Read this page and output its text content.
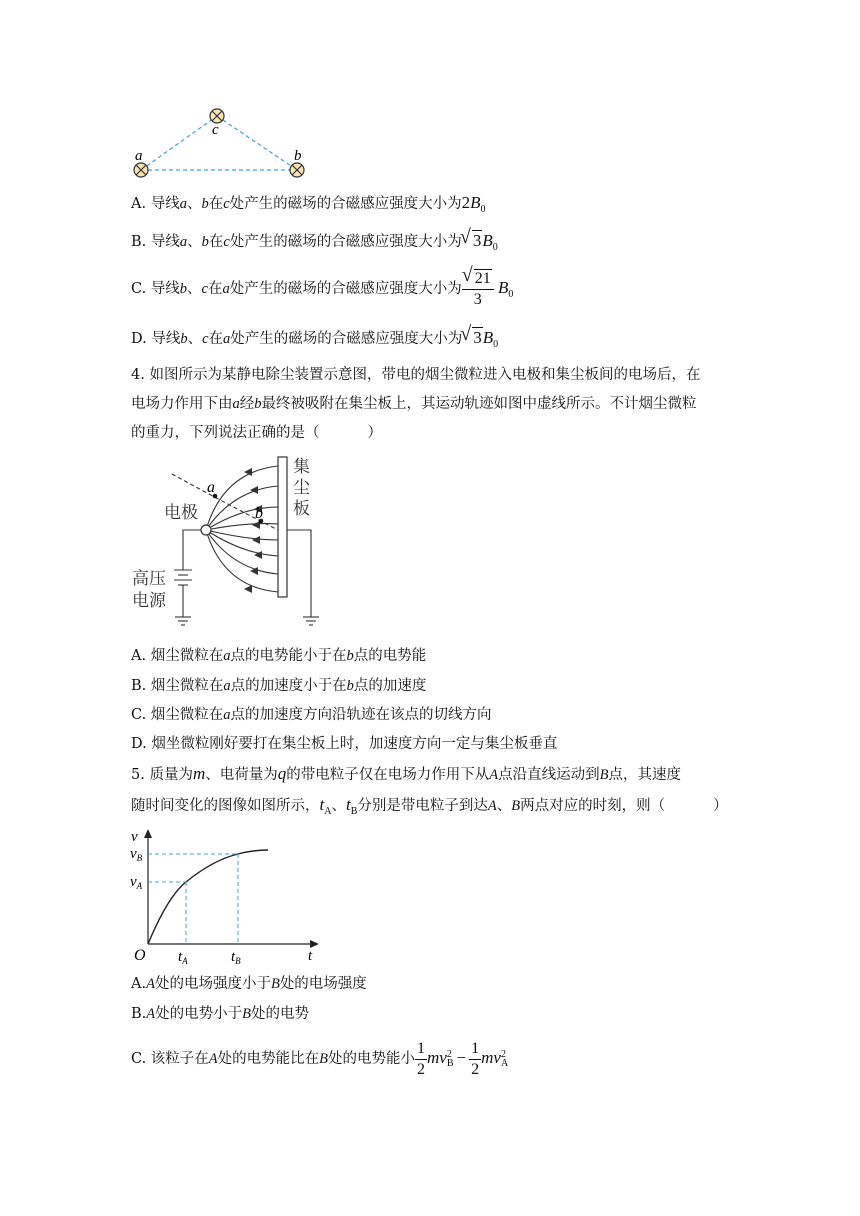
c
a	b
A. 导线a、b在c处产生的磁场的合磁感应强度大小为$2B_0$
B. 导线a、b在c处产生的磁场的合磁感应强度大小为 √ $3B_0$
C. 导线b、c在a处产生的磁场的合磁感应强度大小为 √ $\frac{21}{3} B_0$
D. 导线b、c在a处产生的磁场的合磁感应强度大小为 √ $3B_0$
4. 如图所示为某静电除尘装置示意图，带电的烟尘微粒进入电极和集尘板间的电场后，在
电场力作用下由a经b最终被吸附在集尘板上，其运动轨迹如图中虚线所示。不计烟尘微粒
的重力，下列说法正确的是（	）
a
b
集
尘
板
电极
高压
电源
A. 烟尘微粒在a点的电势能小于在b点的电势能
B. 烟尘微粒在a点的加速度小于在b点的加速度
C. 烟尘微粒在a点的加速度方向沿轨迹在该点的切线方向
D. 烟坐微粒刚好要打在集尘板上时，加速度方向一定与集尘板垂直
5. 质量为m、电荷量为q的带电粒子仅在电场力作用下从A点沿直线运动到B点，其速度
随时间变化的图像如图所示，$t_A$、$t_B$分别是带电粒子到达A、B两点对应的时刻，则（	）
v
$v_B$
$v_A$
O $t_A$	$t_B$	t
A.A处的电场强度小于B处的电场强度
B.A处的电势小于B处的电势
C. 该粒子在A处的电势能比在B处的电势能小 $\frac{1}{2}$ mv 2
$B - \frac{1}{2}$ mv 2
A
